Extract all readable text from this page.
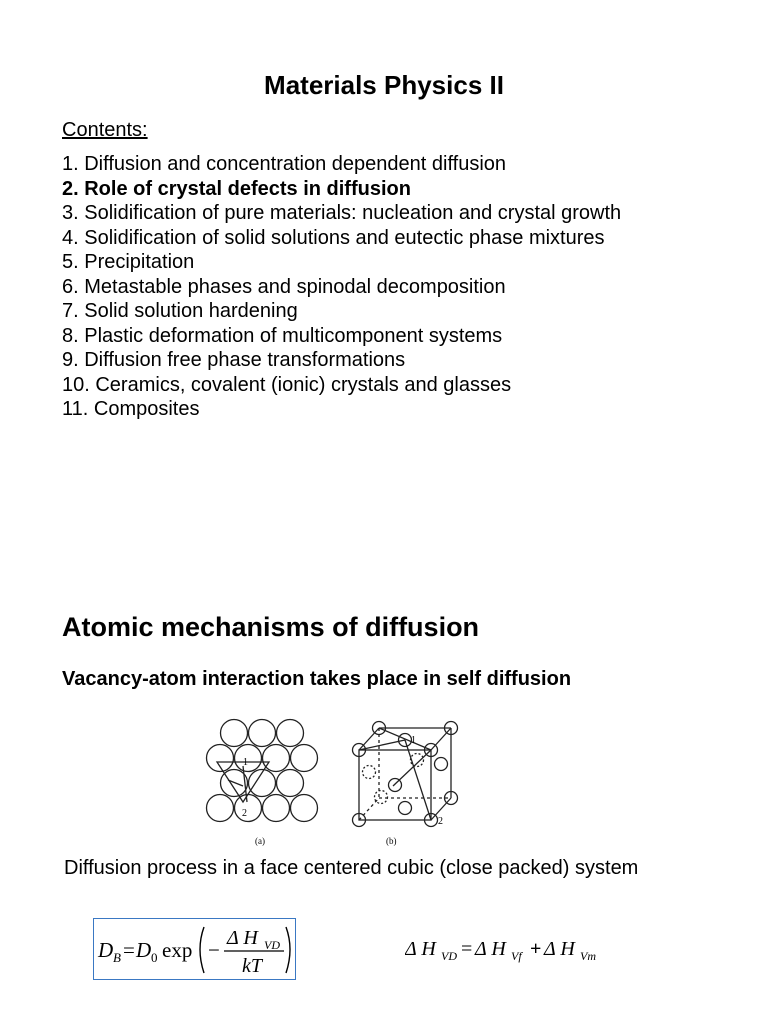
Materials Physics II

Contents:

1. Diffusion and concentration dependent diffusion
2. Role of crystal defects in diffusion
3. Solidification of pure materials: nucleation and crystal growth
4. Solidification of solid solutions and eutectic phase mixtures
5. Precipitation
6. Metastable phases and spinodal decomposition
7. Solid solution hardening
8. Plastic deformation of multicomponent systems
9. Diffusion free phase transformations
10. Ceramics, covalent (ionic) crystals and glasses
11. Composites
Atomic mechanisms of diffusion

Vacancy-atom interaction takes place in self diffusion

1
2
(a)
1
2
(b)

Diffusion process in a face centered cubic (close packed) system

D B = D 0 exp − Δ H VD
kT
Δ H VD = Δ H Vf + Δ H Vm
